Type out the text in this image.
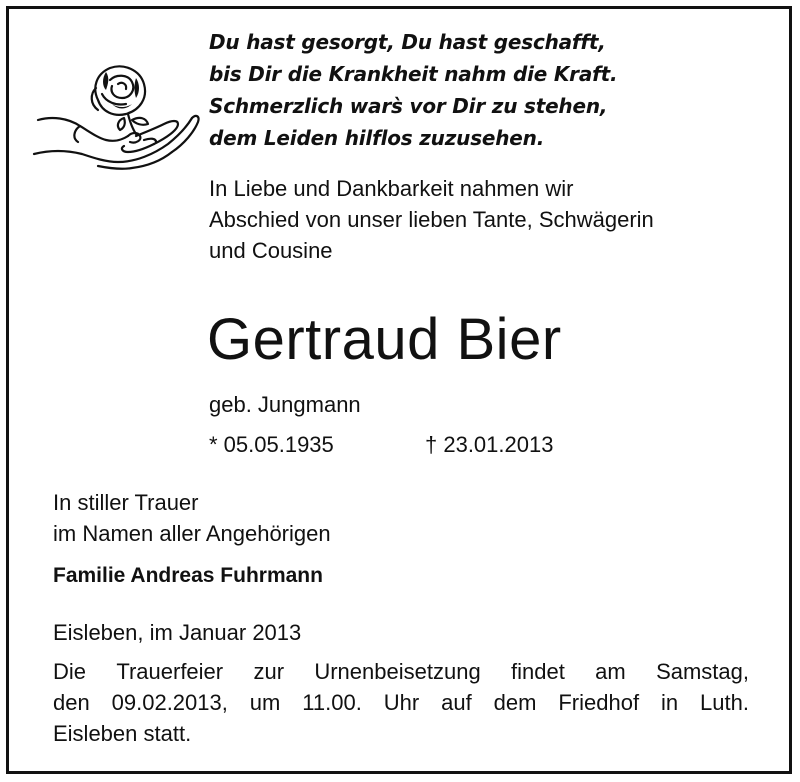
Du hast gesorgt, Du hast geschafft,
bis Dir die Krankheit nahm die Kraft.
Schmerzlich wars̀ vor Dir zu stehen,
dem Leiden hilflos zuzusehen.
In Liebe und Dankbarkeit nahmen wir
Abschied von unser lieben Tante, Schwägerin
und Cousine
Gertraud Bier
geb. Jungmann
* 05.05.1935	† 23.01.2013
In stiller Trauer
im Namen aller Angehörigen
Familie Andreas Fuhrmann
Eisleben, im Januar 2013
Die Trauerfeier zur Urnenbeisetzung findet am Samstag,
den 09.02.2013, um 11.00. Uhr auf dem Friedhof in Luth.
Eisleben statt.
